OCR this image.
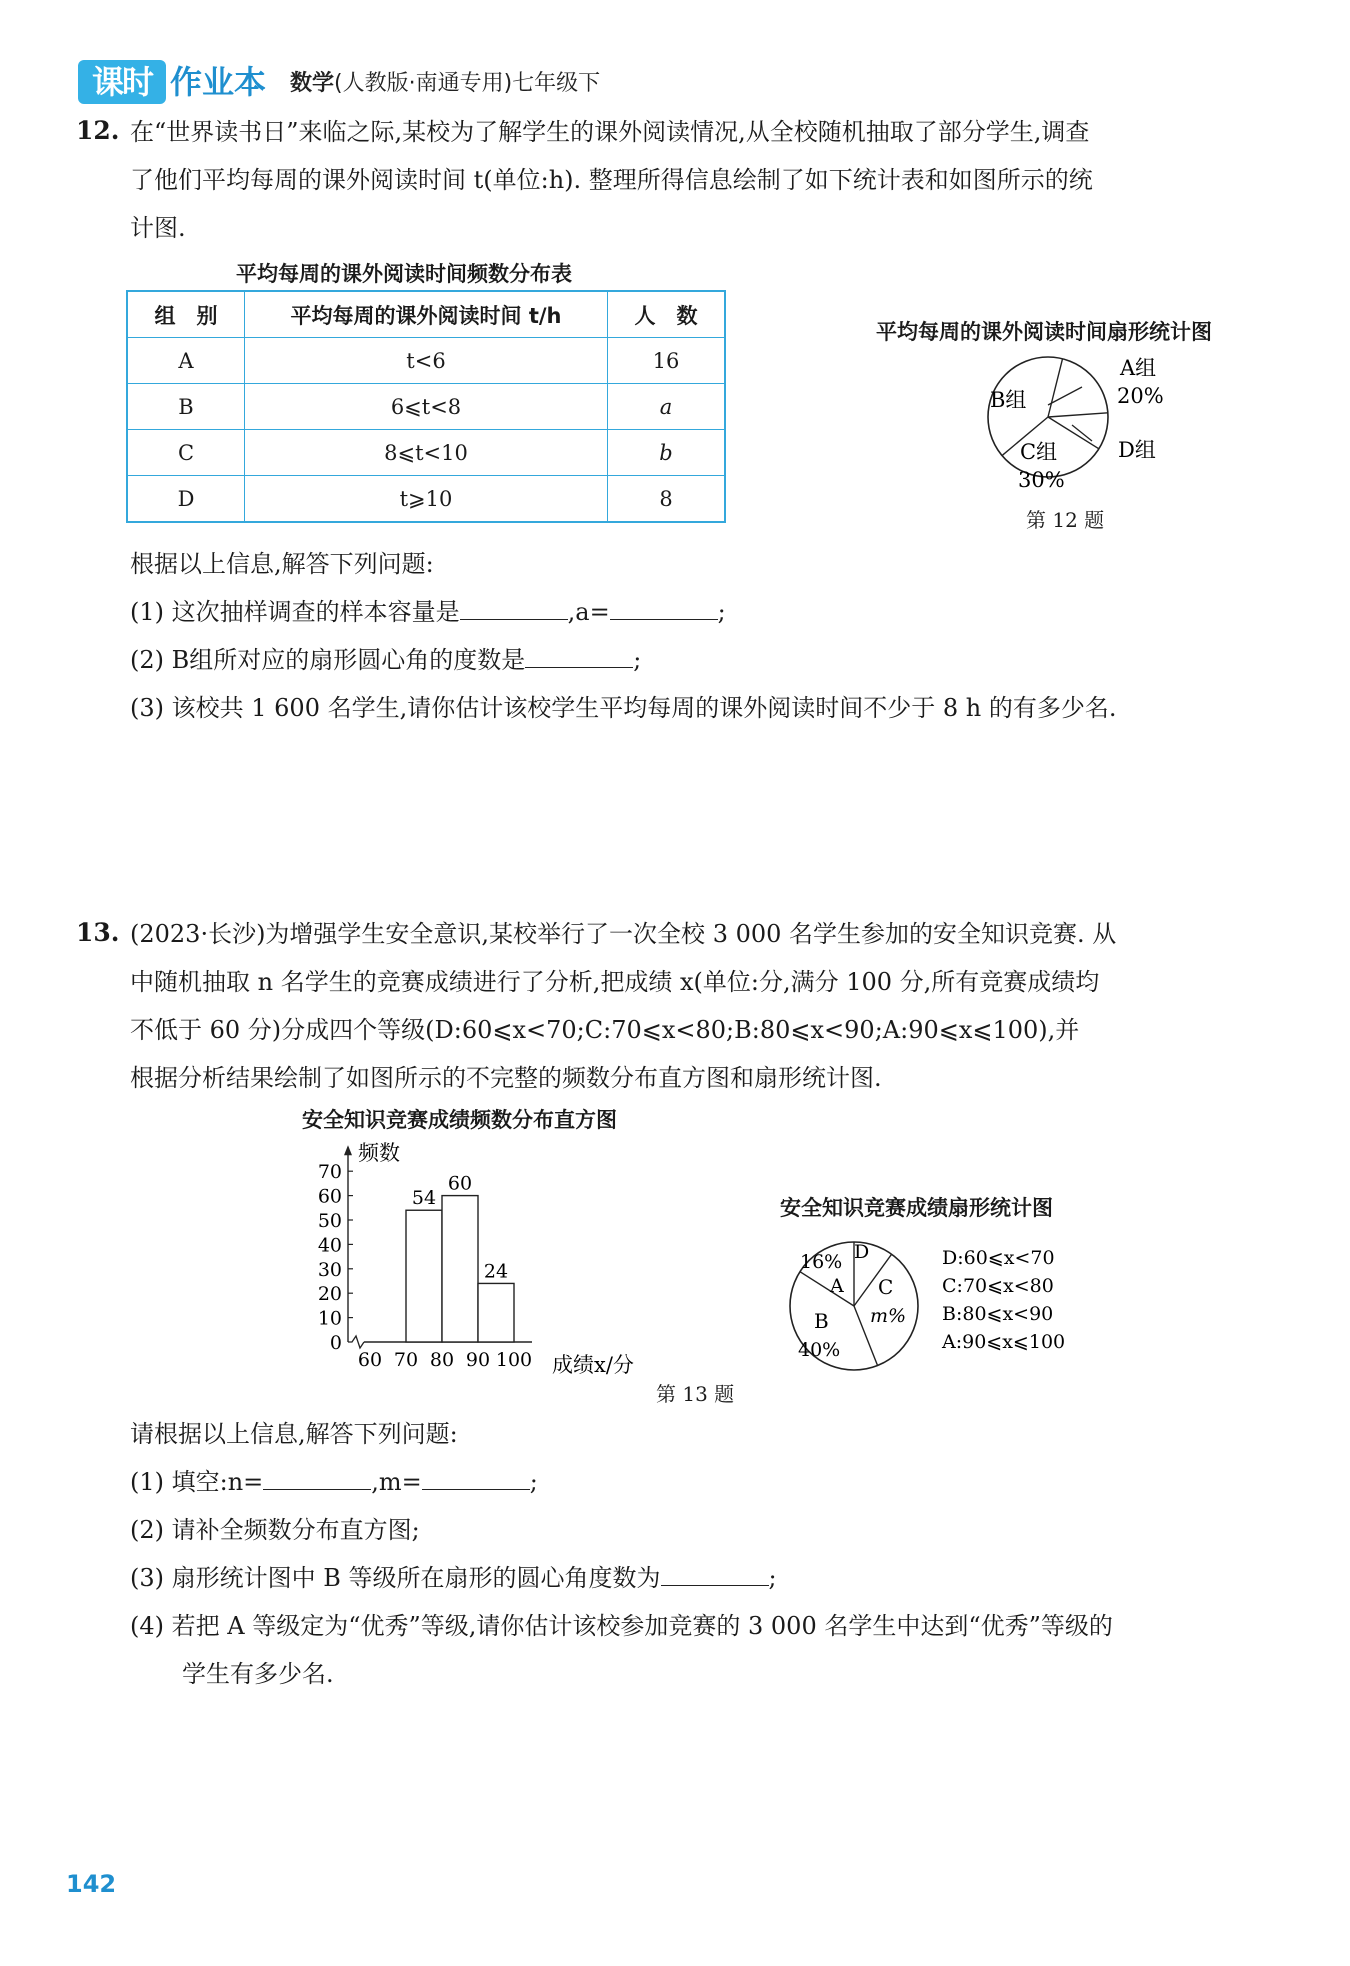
课时 作业本 数学(人教版·南通专用)七年级下
12. 在“世界读书日”来临之际,某校为了解学生的课外阅读情况,从全校随机抽取了部分学生,调查
了他们平均每周的课外阅读时间 t(单位:h). 整理所得信息绘制了如下统计表和如图所示的统
计图.
平均每周的课外阅读时间频数分布表
组　别	平均每周的课外阅读时间 t/h	人　数
A	t<6	16
B	6⩽t<8	a
C	8⩽t<10	b
D	t⩾10	8
平均每周的课外阅读时间扇形统计图
A组
20%
B组
C组
30%
D组
第 12 题
根据以上信息,解答下列问题:
(1) 这次抽样调查的样本容量是	,a=	;
(2) B组所对应的扇形圆心角的度数是	;
(3) 该校共 1 600 名学生,请你估计该校学生平均每周的课外阅读时间不少于 8 h 的有多少名.
13. (2023·长沙)为增强学生安全意识,某校举行了一次全校 3 000 名学生参加的安全知识竞赛. 从
中随机抽取 n 名学生的竞赛成绩进行了分析,把成绩 x(单位:分,满分 100 分,所有竞赛成绩均
不低于 60 分)分成四个等级(D:60⩽x<70;C:70⩽x<80;B:80⩽x<90;A:90⩽x⩽100),并
根据分析结果绘制了如图所示的不完整的频数分布直方图和扇形统计图.
安全知识竞赛成绩频数分布直方图
0
10
20
30
40
50
60
70
60 70 80 90 100
54
60
24
频数
成绩x/分
安全知识竞赛成绩扇形统计图
16%
A
D
C
m%
B
40%
D:60⩽x<70
C:70⩽x<80
B:80⩽x<90
A:90⩽x⩽100
第 13 题
请根据以上信息,解答下列问题:
(1) 填空:n=	,m=	;
(2) 请补全频数分布直方图;
(3) 扇形统计图中 B 等级所在扇形的圆心角度数为	;
(4) 若把 A 等级定为“优秀”等级,请你估计该校参加竞赛的 3 000 名学生中达到“优秀”等级的
学生有多少名.
142
